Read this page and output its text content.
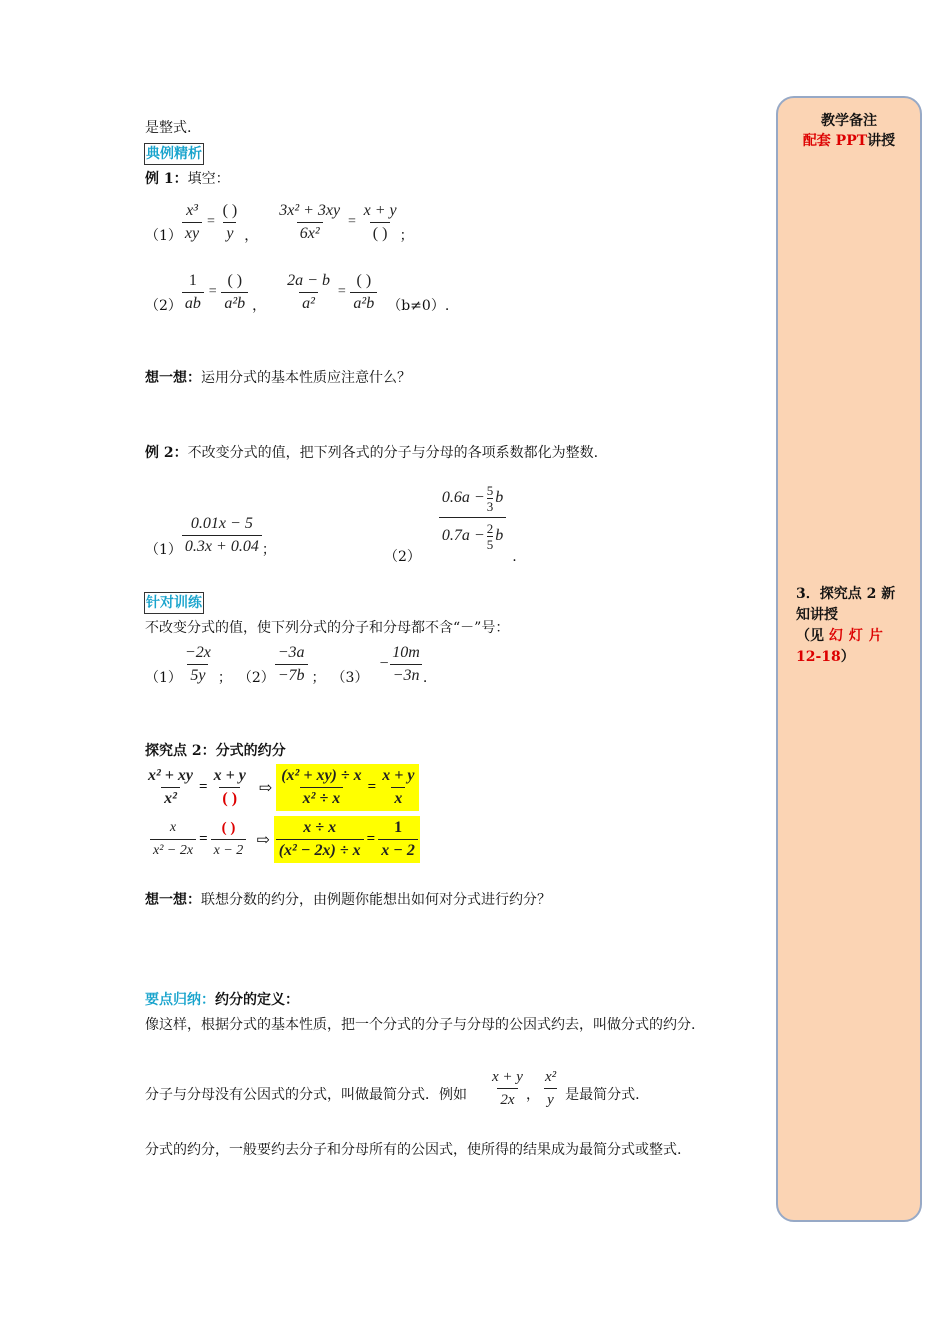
教学备注
配套 PPT讲授
3．探究点 2 新知讲授
（见 幻灯片
12-18）
是整式.
典例精析
例 1：填空：
$(1) \frac{\text{x³}}{xy} = \frac{( )}{y}$ ， $\frac{\text{3x² + 3xy}}{\text{6x²}} = \frac{x + y}{( )}$ ；
$(2) \frac{1}{ab} = \frac{( )}{\text{a²b}}$ ， $\frac{2a - b}{\text{a²}} = \frac{( )}{\text{a²b}} (b\ne 0)$.
想一想：运用分式的基本性质应注意什么？
例 2：不改变分式的值，把下列各式的分子与分母的各项系数都化为整数.
$(1) \frac{0.01x - 5}{0.3x + 0.04}$ ；	（2）
$0.6a - \frac{5}{3}$ b
$0.7a - \frac{2}{5}$ b
.
针对训练
不改变分式的值，使下列分式的分子和分母都不含“－”号：
$(1) \frac{-2x}{5y}$ ； $(2) \frac{-3a}{-7b}$ ； （3）
− $\frac{10m}{-3n}$ .
探究点 2：分式的约分
$\frac{\text{x² + xy}}{\text{x²}} = \frac{x + y}{( )}$ ⇨ $\frac{\text{(x² + xy) ÷ x}}{\text{x² ÷ x}} = \frac{x + y}{x}$
$\frac{x}{\text{x² − 2x}} = \frac{( )}{x - 2}$ ⇨ $\frac{x \div x}{\text{(x² − 2x) ÷ x}} = \frac{1}{x - 2}$
想一想：联想分数的约分，由例题你能想出如何对分式进行约分？
要点归纳：约分的定义：
像这样，根据分式的基本性质，把一个分式的分子与分母的公因式约去，叫做分式的约分.
分子与分母没有公因式的分式，叫做最简分式．例如 $\frac{x + y}{2x}$ ， $\frac{\text{x²}}{y}$ 是最简分式.
分式的约分，一般要约去分子和分母所有的公因式，使所得的结果成为最简分式或整式.
